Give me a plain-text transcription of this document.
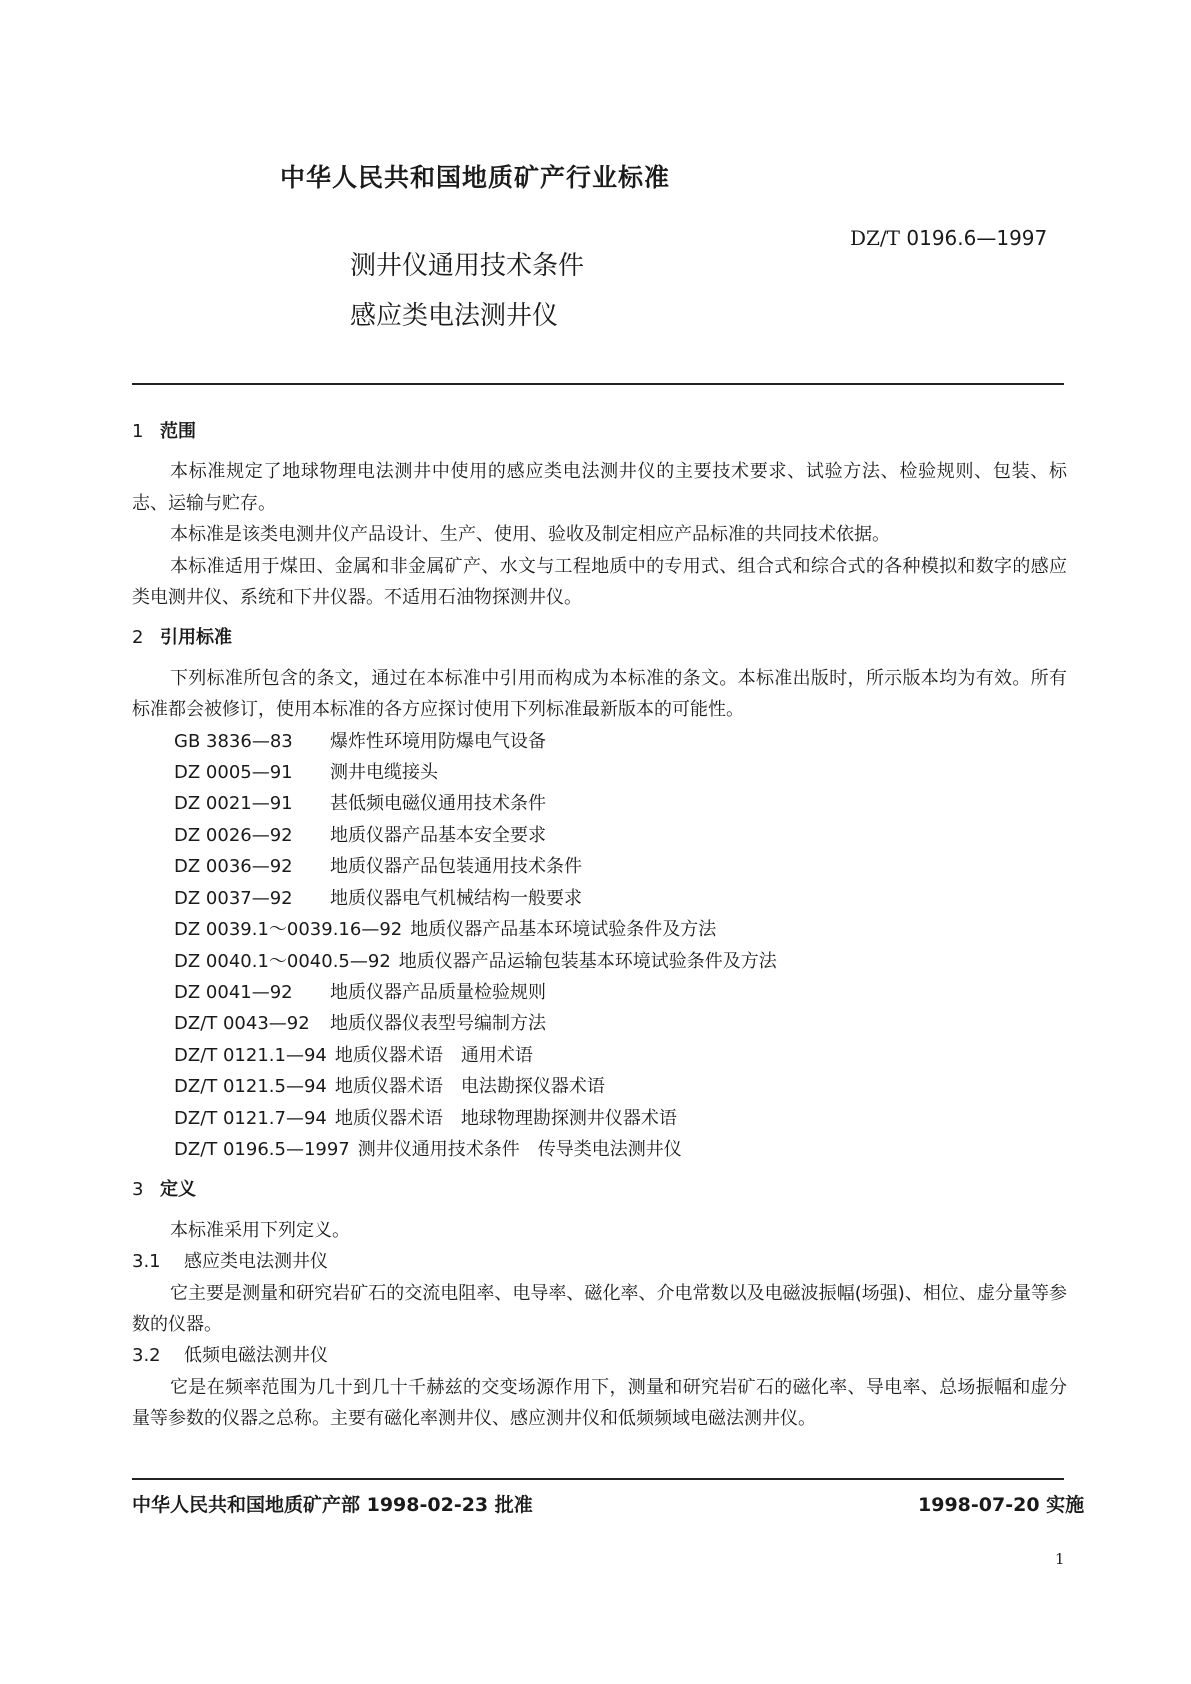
中华人民共和国地质矿产行业标准
DZ/T 0196.6—1997
测井仪通用技术条件
感应类电法测井仪

1 范围

本标准规定了地球物理电法测井中使用的感应类电法测井仪的主要技术要求、试验方法、检验规则、包装、标志、运输与贮存。

本标准是该类电测井仪产品设计、生产、使用、验收及制定相应产品标准的共同技术依据。

本标准适用于煤田、金属和非金属矿产、水文与工程地质中的专用式、组合式和综合式的各种模拟和数字的感应类电测井仪、系统和下井仪器。不适用石油物探测井仪。

2 引用标准

下列标准所包含的条文，通过在本标准中引用而构成为本标准的条文。本标准出版时，所示版本均为有效。所有标准都会被修订，使用本标准的各方应探讨使用下列标准最新版本的可能性。

GB 3836—83 爆炸性环境用防爆电气设备

DZ 0005—91 测井电缆接头

DZ 0021—91 甚低频电磁仪通用技术条件

DZ 0026—92 地质仪器产品基本安全要求

DZ 0036—92 地质仪器产品包装通用技术条件

DZ 0037—92 地质仪器电气机械结构一般要求

DZ 0039.1～0039.16—92 地质仪器产品基本环境试验条件及方法

DZ 0040.1～0040.5—92 地质仪器产品运输包装基本环境试验条件及方法

DZ 0041—92 地质仪器产品质量检验规则

DZ/T 0043—92 地质仪器仪表型号编制方法

DZ/T 0121.1—94 地质仪器术语　通用术语

DZ/T 0121.5—94 地质仪器术语　电法勘探仪器术语

DZ/T 0121.7—94 地质仪器术语　地球物理勘探测井仪器术语

DZ/T 0196.5—1997 测井仪通用技术条件　传导类电法测井仪

3 定义

本标准采用下列定义。

3.1 感应类电法测井仪

它主要是测量和研究岩矿石的交流电阻率、电导率、磁化率、介电常数以及电磁波振幅(场强)、相位、虚分量等参数的仪器。

3.2 低频电磁法测井仪

它是在频率范围为几十到几十千赫兹的交变场源作用下，测量和研究岩矿石的磁化率、导电率、总场振幅和虚分量等参数的仪器之总称。主要有磁化率测井仪、感应测井仪和低频频域电磁法测井仪。

中华人民共和国地质矿产部 1998-02-23 批准	1998-07-20 实施
1
